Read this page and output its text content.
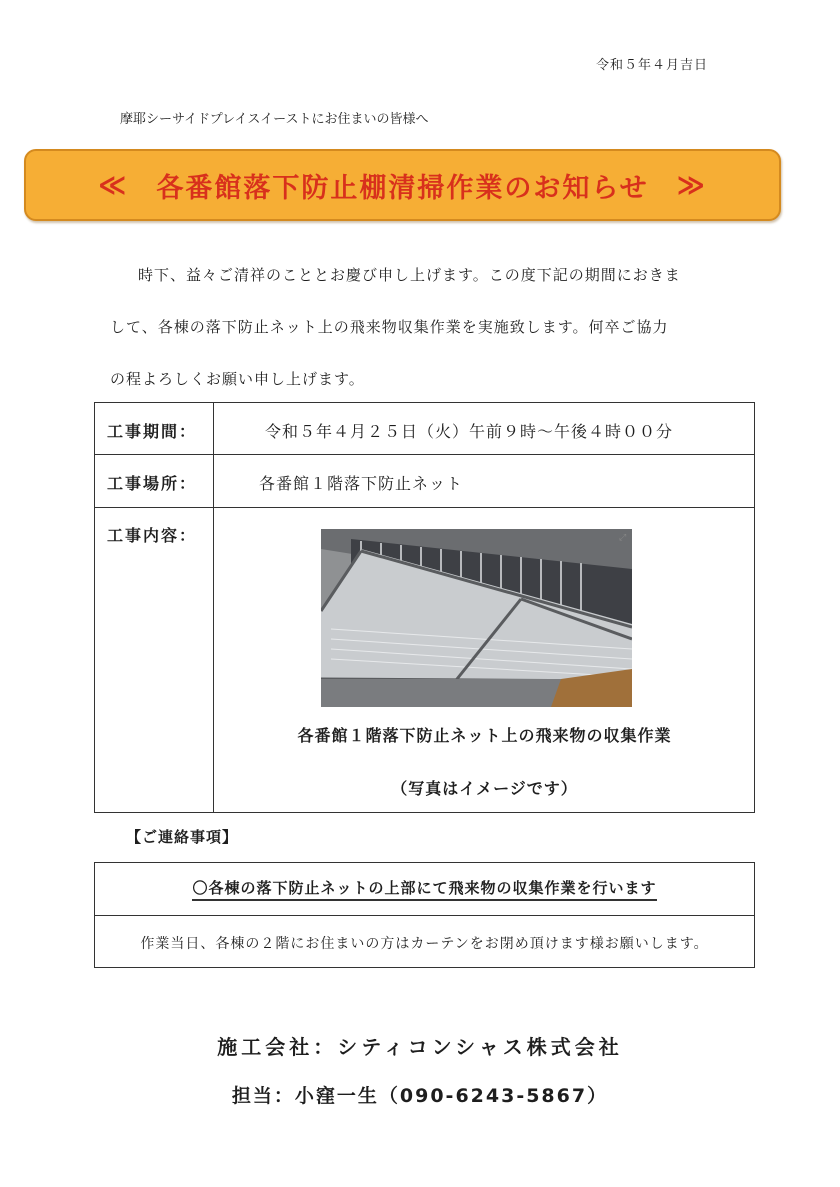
令和５年４月吉日
摩耶シーサイドプレイスイーストにお住まいの皆様へ
≪ 各番館落下防止棚清掃作業のお知らせ ≫
時下、益々ご清祥のこととお慶び申し上げます。この度下記の期間におきま
して、各棟の落下防止ネット上の飛来物収集作業を実施致します。何卒ご協力
の程よろしくお願い申し上げます。
工事期間：	令和５年４月２５日（火）午前９時～午後４時００分
工事場所：	各番館１階落下防止ネット
工事内容：	⤢
各番館１階落下防止ネット上の飛来物の収集作業
（写真はイメージです）
【ご連絡事項】
〇各棟の落下防止ネットの上部にて飛来物の収集作業を行います
作業当日、各棟の２階にお住まいの方はカーテンをお閉め頂けます様お願いします。
施工会社：シティコンシャス株式会社
担当：小窪一生（090-6243-5867）
